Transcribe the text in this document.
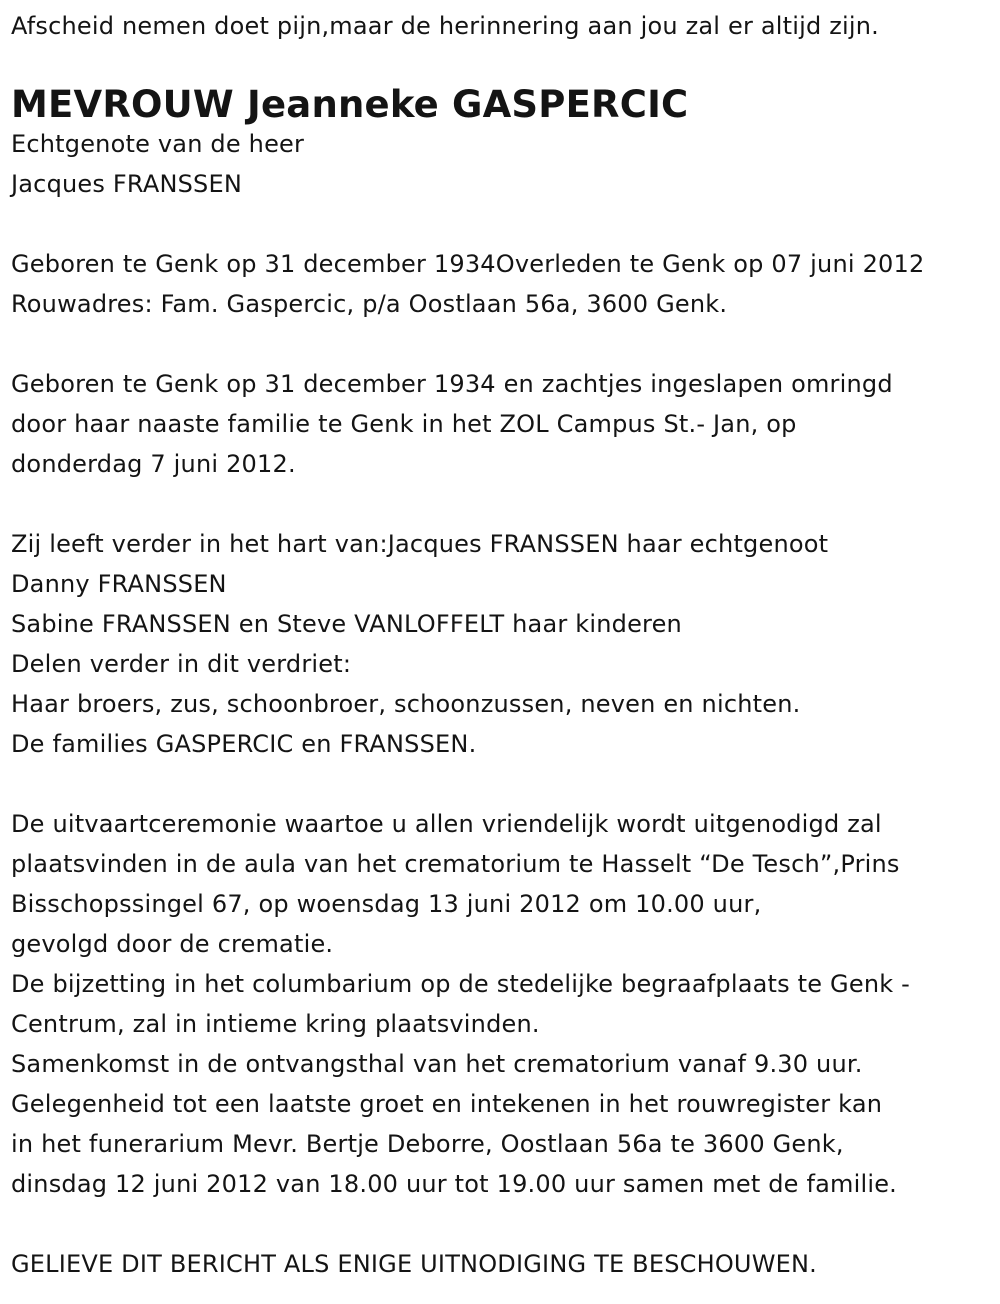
Afscheid nemen doet pijn,maar de herinnering aan jou zal er altijd zijn.
MEVROUW Jeanneke GASPERCIC
Echtgenote van de heer
Jacques FRANSSEN
Geboren te Genk op 31 december 1934Overleden te Genk op 07 juni 2012
Rouwadres: Fam. Gaspercic, p/a Oostlaan 56a, 3600 Genk.
Geboren te Genk op 31 december 1934 en zachtjes ingeslapen omringd
door haar naaste familie te Genk in het ZOL Campus St.- Jan, op
donderdag 7 juni 2012.
Zij leeft verder in het hart van:Jacques FRANSSEN haar echtgenoot
Danny FRANSSEN
Sabine FRANSSEN en Steve VANLOFFELT haar kinderen
Delen verder in dit verdriet:
Haar broers, zus, schoonbroer, schoonzussen, neven en nichten.
De families GASPERCIC en FRANSSEN.
De uitvaartceremonie waartoe u allen vriendelijk wordt uitgenodigd zal
plaatsvinden in de aula van het crematorium te Hasselt “De Tesch”,Prins
Bisschopssingel 67, op woensdag 13 juni 2012 om 10.00 uur,
gevolgd door de crematie.
De bijzetting in het columbarium op de stedelijke begraafplaats te Genk -
Centrum, zal in intieme kring plaatsvinden.
Samenkomst in de ontvangsthal van het crematorium vanaf 9.30 uur.
Gelegenheid tot een laatste groet en intekenen in het rouwregister kan
in het funerarium Mevr. Bertje Deborre, Oostlaan 56a te 3600 Genk,
dinsdag 12 juni 2012 van 18.00 uur tot 19.00 uur samen met de familie.
GELIEVE DIT BERICHT ALS ENIGE UITNODIGING TE BESCHOUWEN.
